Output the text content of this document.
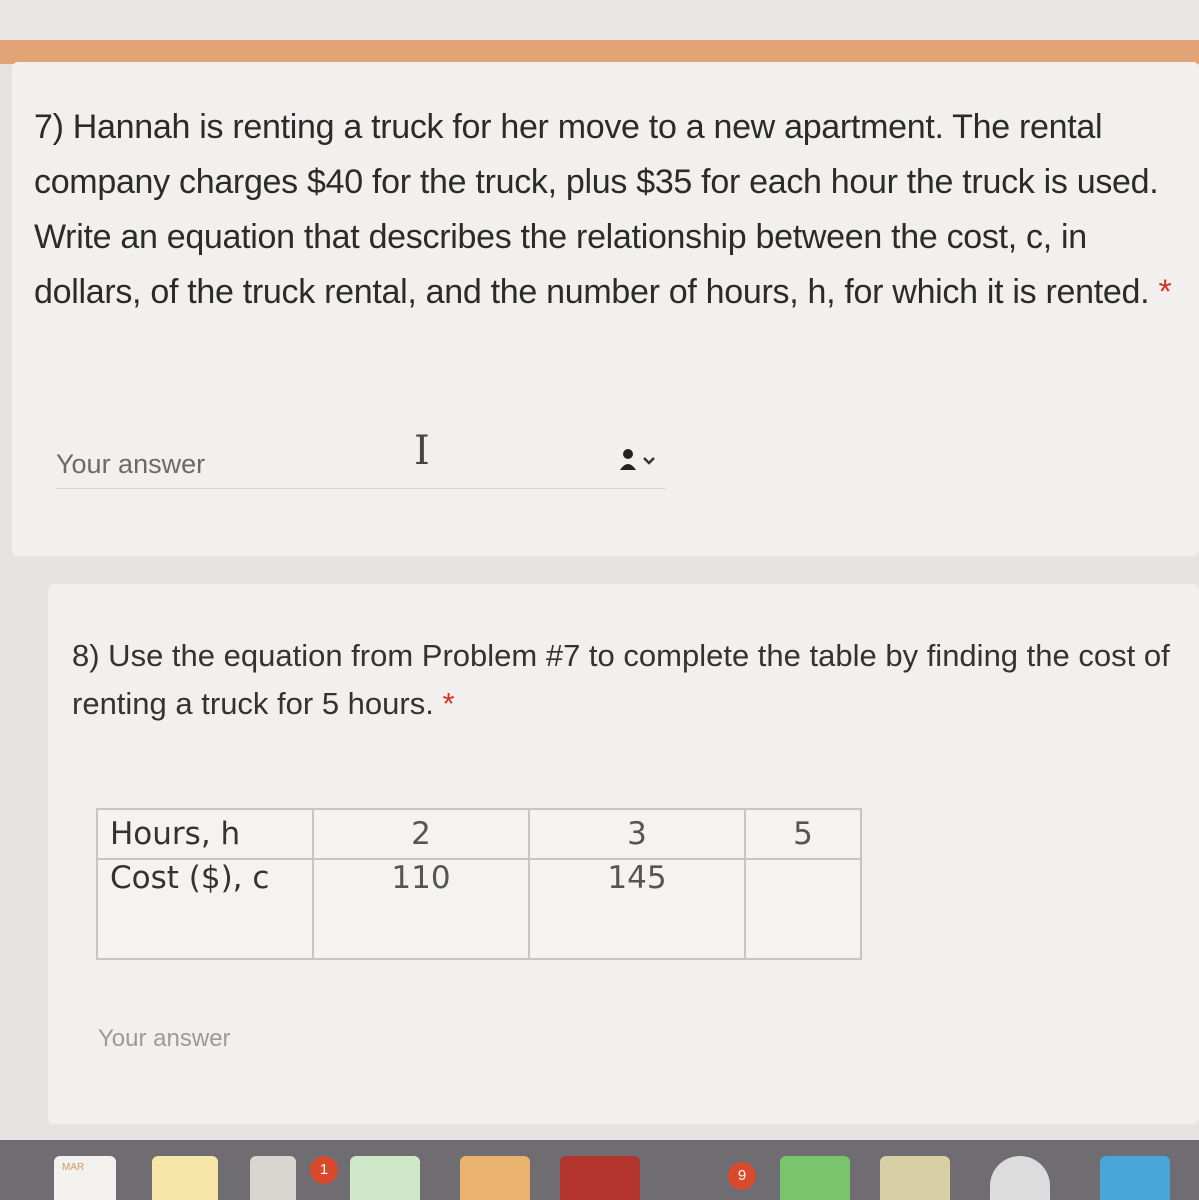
7) Hannah is renting a truck for her move to a new apartment. The rental company charges $40 for the truck, plus $35 for each hour the truck is used. Write an equation that describes the relationship between the cost, c, in dollars, of the truck rental, and the number of hours, h, for which it is rented. *
Your answer
I
8) Use the equation from Problem #7 to complete the table by finding the cost of renting a truck for 5 hours. *
Hours, h	2	3	5
Cost ($), c	110	145	
Your answer
MAR	1	9
